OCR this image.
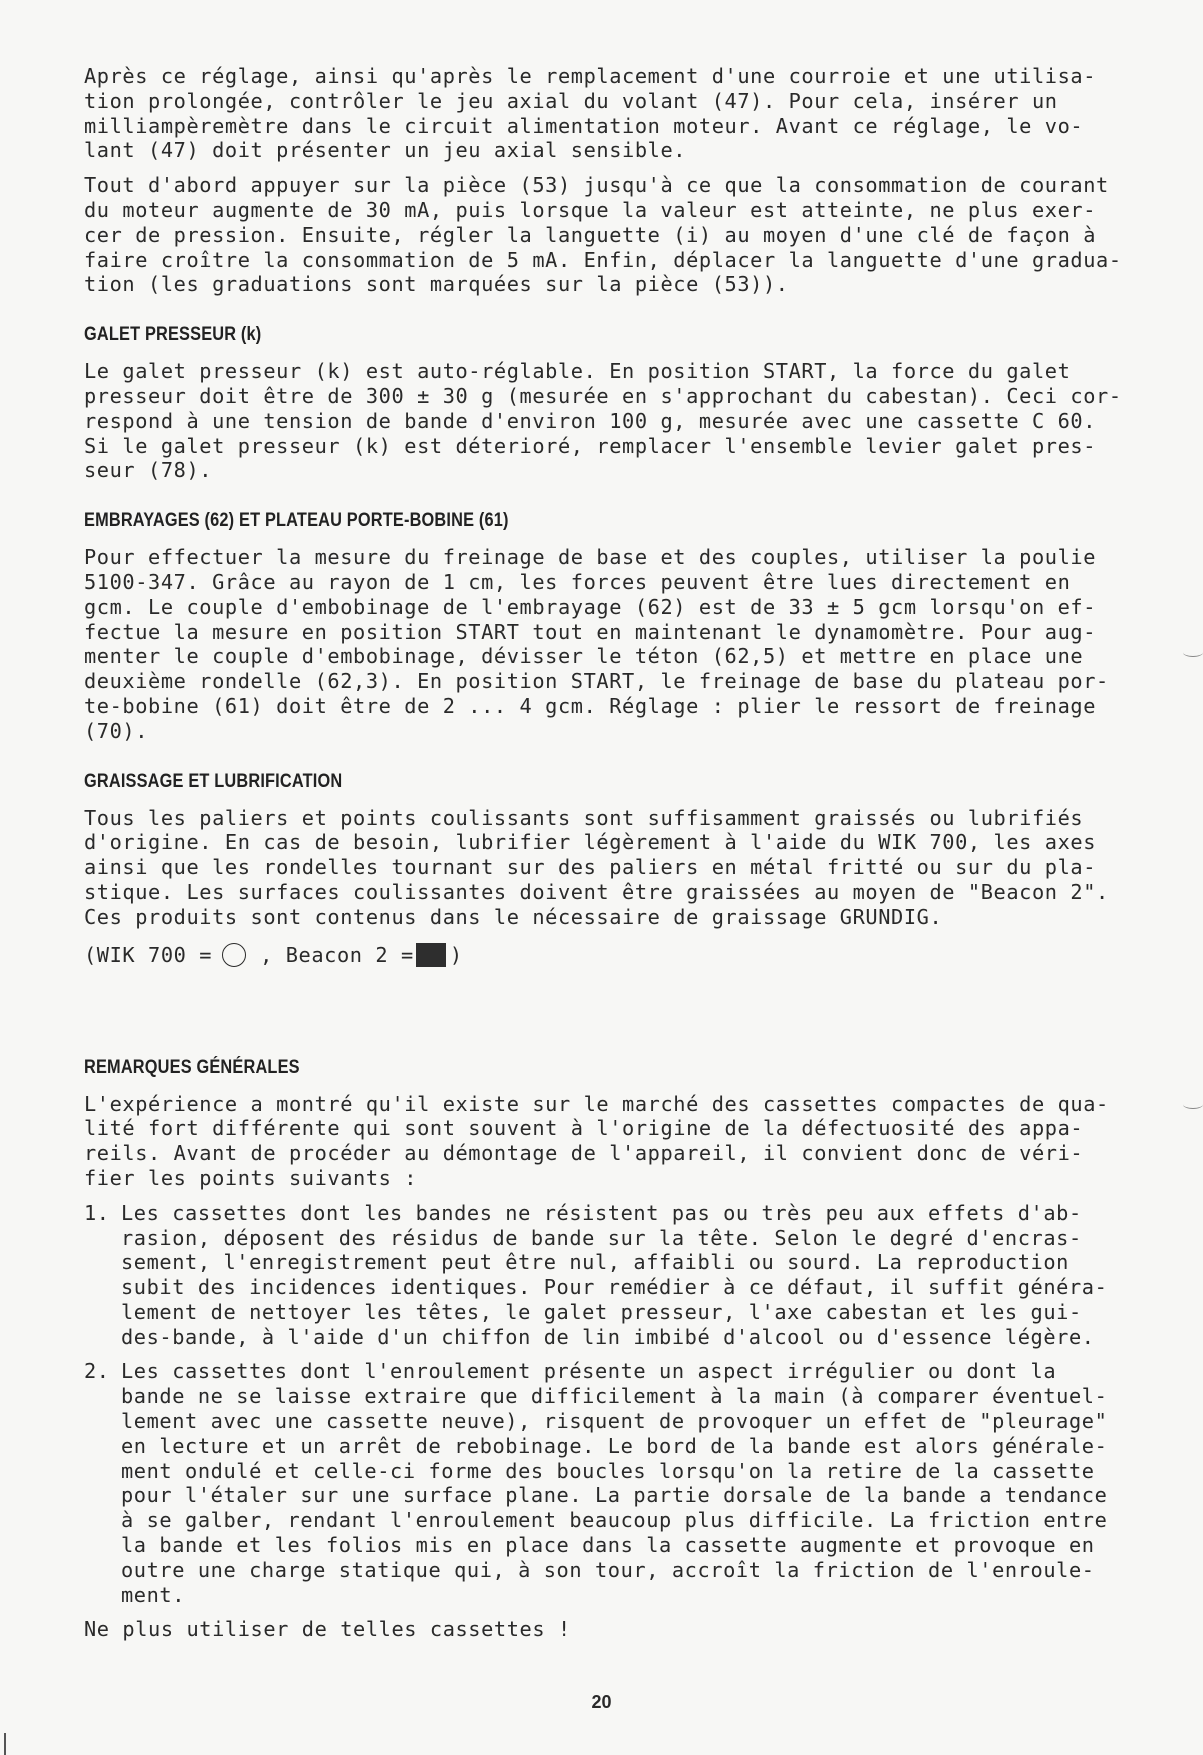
Après ce réglage, ainsi qu'après le remplacement d'une courroie et une utilisa-
tion prolongée, contrôler le jeu axial du volant (47). Pour cela, insérer un
milliampèremètre dans le circuit alimentation moteur. Avant ce réglage, le vo-
lant (47) doit présenter un jeu axial sensible.

Tout d'abord appuyer sur la pièce (53) jusqu'à ce que la consommation de courant
du moteur augmente de 30 mA, puis lorsque la valeur est atteinte, ne plus exer-
cer de pression. Ensuite, régler la languette (i) au moyen d'une clé de façon à
faire croître la consommation de 5 mA. Enfin, déplacer la languette d'une gradua-
tion (les graduations sont marquées sur la pièce (53)).

GALET PRESSEUR (k)

Le galet presseur (k) est auto-réglable. En position START, la force du galet
presseur doit être de 300 ± 30 g (mesurée en s'approchant du cabestan). Ceci cor-
respond à une tension de bande d'environ 100 g, mesurée avec une cassette C 60.
Si le galet presseur (k) est déterioré, remplacer l'ensemble levier galet pres-
seur (78).

EMBRAYAGES (62) ET PLATEAU PORTE-BOBINE (61)

Pour effectuer la mesure du freinage de base et des couples, utiliser la poulie
5100-347. Grâce au rayon de 1 cm, les forces peuvent être lues directement en
gcm. Le couple d'embobinage de l'embrayage (62) est de 33 ± 5 gcm lorsqu'on ef-
fectue la mesure en position START tout en maintenant le dynamomètre. Pour aug-
menter le couple d'embobinage, dévisser le téton (62,5) et mettre en place une
deuxième rondelle (62,3). En position START, le freinage de base du plateau por-
te-bobine (61) doit être de 2 ... 4 gcm. Réglage : plier le ressort de freinage
(70).

GRAISSAGE ET LUBRIFICATION

Tous les paliers et points coulissants sont suffisamment graissés ou lubrifiés
d'origine. En cas de besoin, lubrifier légèrement à l'aide du WIK 700, les axes
ainsi que les rondelles tournant sur des paliers en métal fritté ou sur du pla-
stique. Les surfaces coulissantes doivent être graissées au moyen de "Beacon 2".
Ces produits sont contenus dans le nécessaire de graissage GRUNDIG.

(WIK 700 = , Beacon 2 = )
REMARQUES GÉNÉRALES

L'expérience a montré qu'il existe sur le marché des cassettes compactes de qua-
lité fort différente qui sont souvent à l'origine de la défectuosité des appa-
reils. Avant de procéder au démontage de l'appareil, il convient donc de véri-
fier les points suivants :

1. Les cassettes dont les bandes ne résistent pas ou très peu aux effets d'ab-
rasion, déposent des résidus de bande sur la tête. Selon le degré d'encras-
sement, l'enregistrement peut être nul, affaibli ou sourd. La reproduction
subit des incidences identiques. Pour remédier à ce défaut, il suffit généra-
lement de nettoyer les têtes, le galet presseur, l'axe cabestan et les gui-
des-bande, à l'aide d'un chiffon de lin imbibé d'alcool ou d'essence légère.
2. Les cassettes dont l'enroulement présente un aspect irrégulier ou dont la
bande ne se laisse extraire que difficilement à la main (à comparer éventuel-
lement avec une cassette neuve), risquent de provoquer un effet de "pleurage"
en lecture et un arrêt de rebobinage. Le bord de la bande est alors générale-
ment ondulé et celle-ci forme des boucles lorsqu'on la retire de la cassette
pour l'étaler sur une surface plane. La partie dorsale de la bande a tendance
à se galber, rendant l'enroulement beaucoup plus difficile. La friction entre
la bande et les folios mis en place dans la cassette augmente et provoque en
outre une charge statique qui, à son tour, accroît la friction de l'enroule-
ment.

Ne plus utiliser de telles cassettes !

20
